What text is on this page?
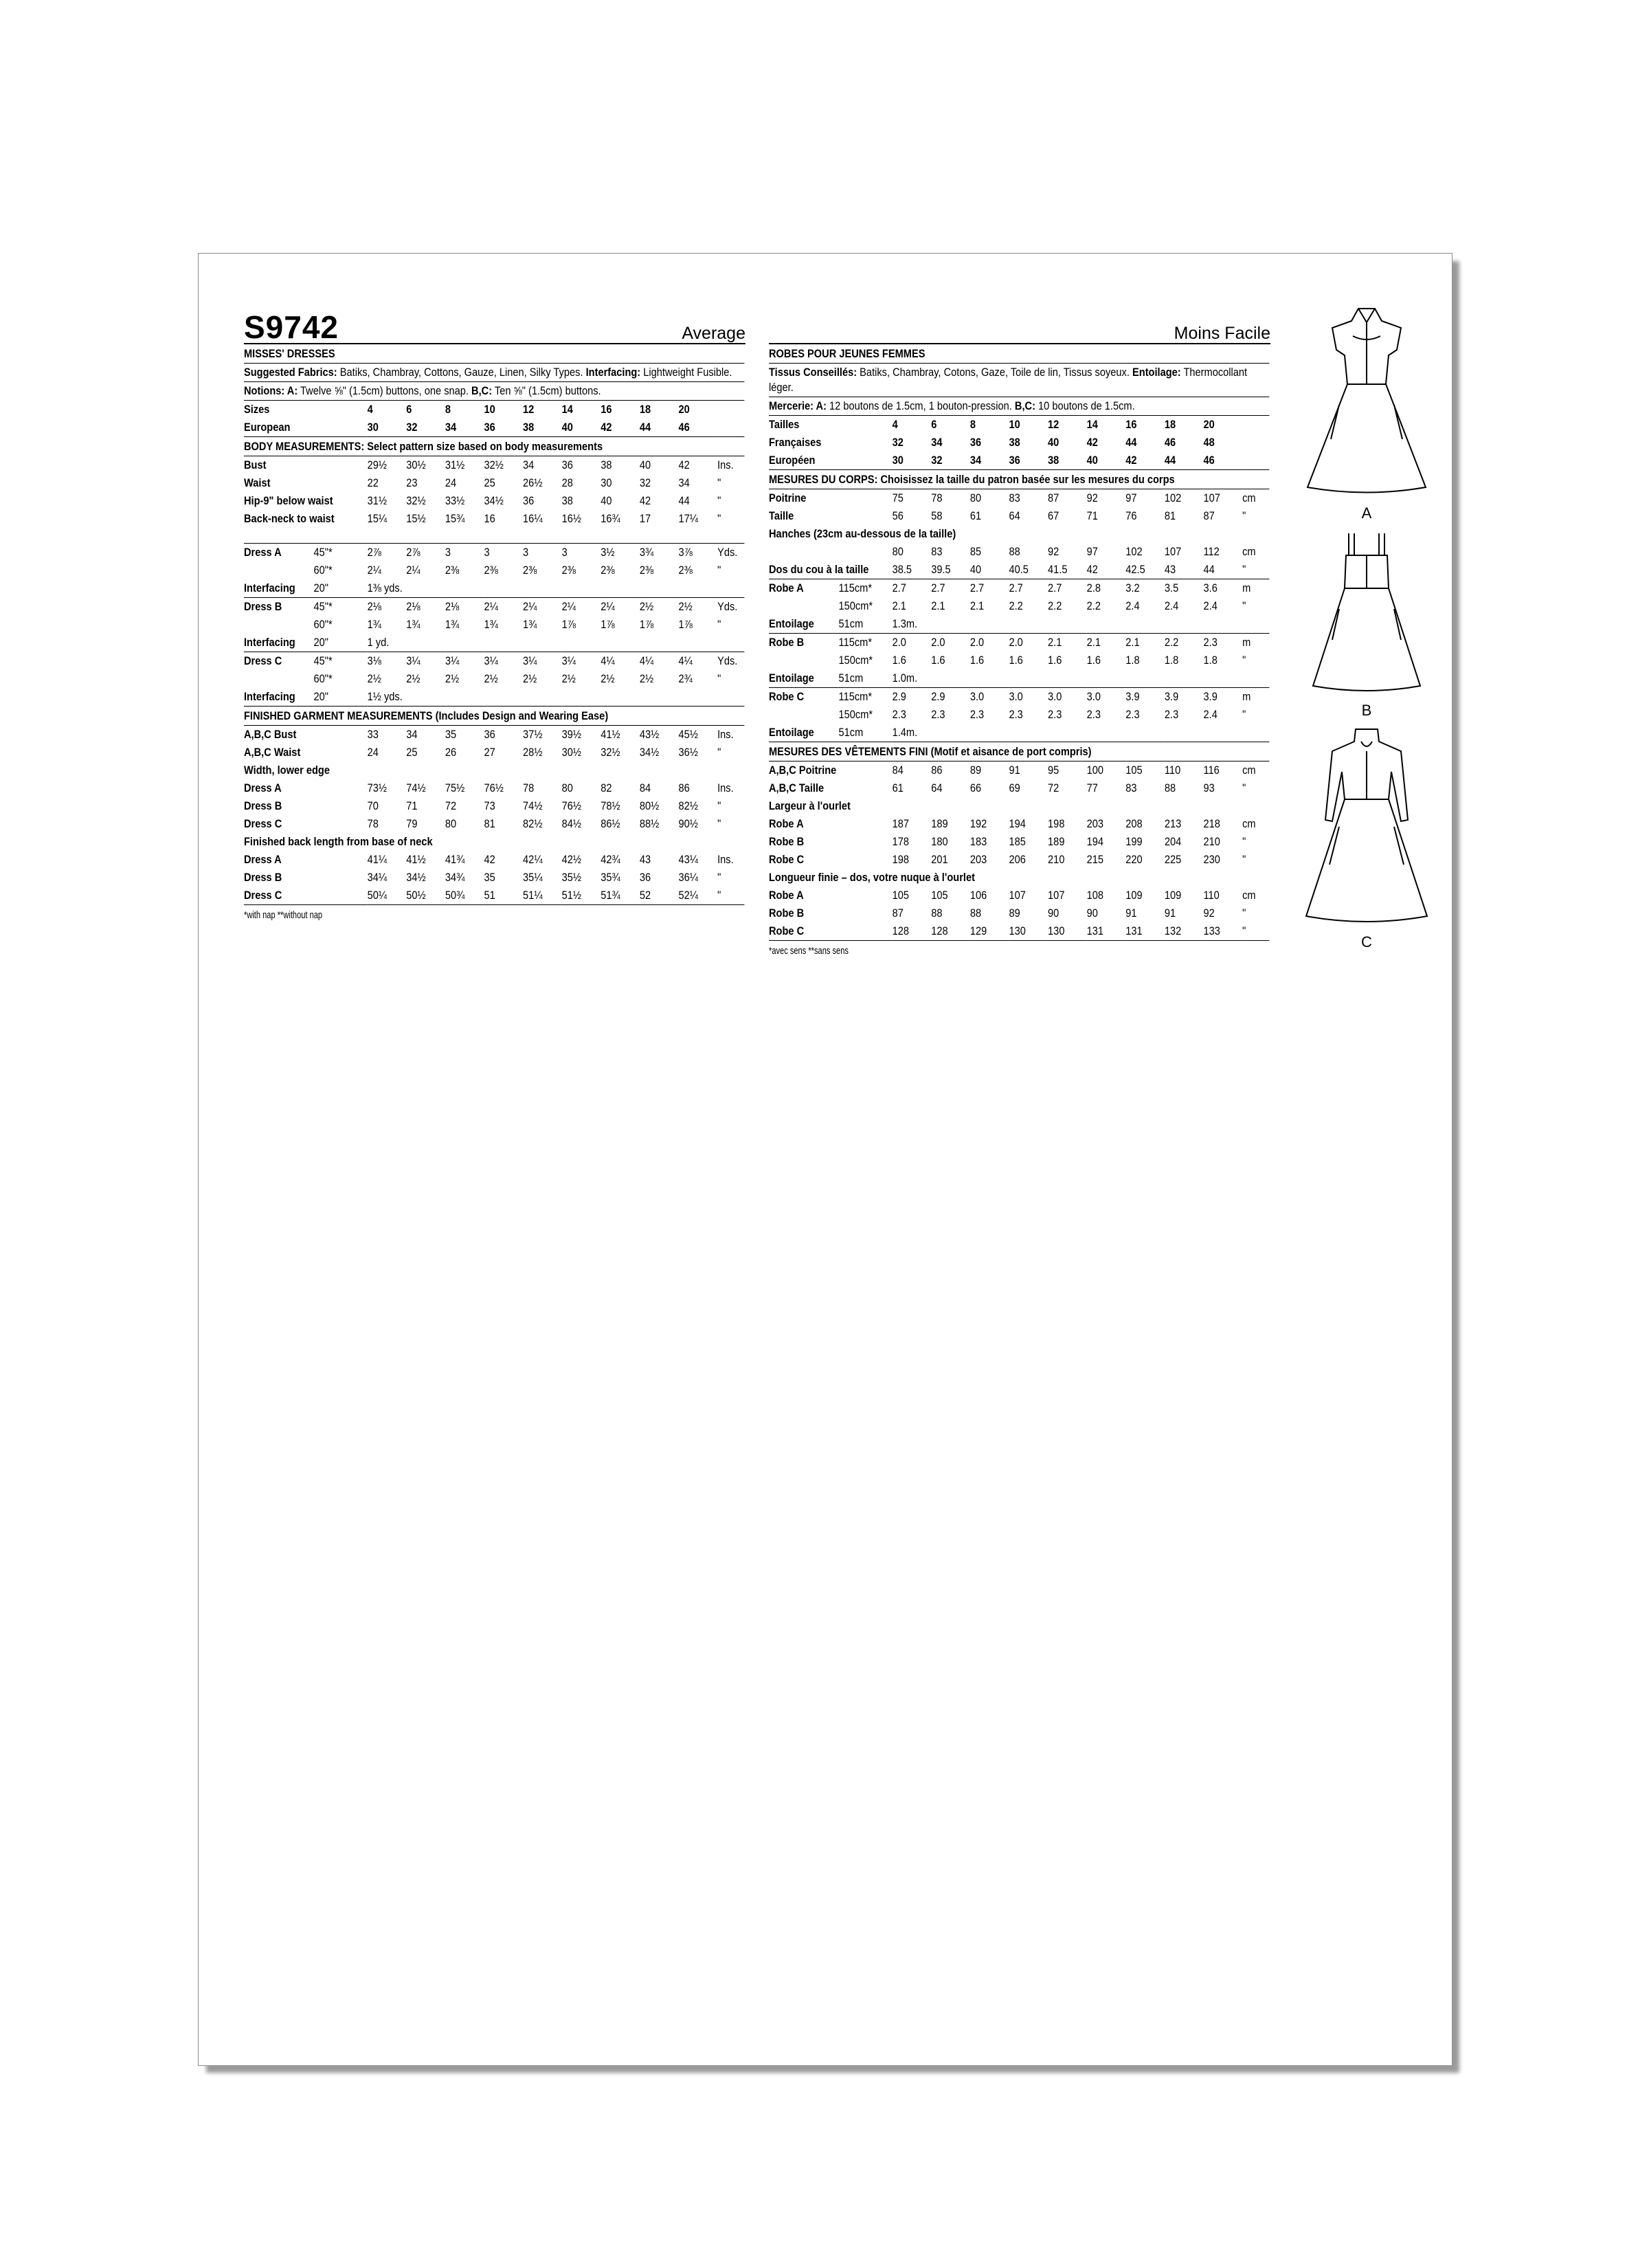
S9742	Average
MISSES' DRESSES
Suggested Fabrics: Batiks, Chambray, Cottons, Gauze, Linen, Silky Types. Interfacing: Lightweight Fusible.
Notions: A: Twelve ⅝" (1.5cm) buttons, one snap. B,C: Ten ⅝" (1.5cm) buttons.
Sizes		4	6	8	10	12	14	16	18	20	
European		30	32	34	36	38	40	42	44	46	
BODY MEASUREMENTS: Select pattern size based on body measurements
Bust		29½	30½	31½	32½	34	36	38	40	42	Ins.
Waist		22	23	24	25	26½	28	30	32	34	"
Hip-9" below waist		31½	32½	33½	34½	36	38	40	42	44	"
Back-neck to waist		15¼	15½	15¾	16	16¼	16½	16¾	17	17¼	"
Dress A	45"*	2⅞	2⅞	3	3	3	3	3½	3¾	3⅞	Yds.
	60"*	2¼	2¼	2⅜	2⅜	2⅜	2⅜	2⅜	2⅜	2⅜	"
Interfacing	20"	1⅜ yds.									
Dress B	45"*	2⅛	2⅛	2⅛	2¼	2¼	2¼	2¼	2½	2½	Yds.
	60"*	1¾	1¾	1¾	1¾	1¾	1⅞	1⅞	1⅞	1⅞	"
Interfacing	20"	1 yd.									
Dress C	45"*	3⅛	3¼	3¼	3¼	3¼	3¼	4¼	4¼	4¼	Yds.
	60"*	2½	2½	2½	2½	2½	2½	2½	2½	2¾	"
Interfacing	20"	1½ yds.									
FINISHED GARMENT MEASUREMENTS (Includes Design and Wearing Ease)
A,B,C Bust		33	34	35	36	37½	39½	41½	43½	45½	Ins.
A,B,C Waist		24	25	26	27	28½	30½	32½	34½	36½	"
Width, lower edge
Dress A		73½	74½	75½	76½	78	80	82	84	86	Ins.
Dress B		70	71	72	73	74½	76½	78½	80½	82½	"
Dress C		78	79	80	81	82½	84½	86½	88½	90½	"
Finished back length from base of neck
Dress A		41¼	41½	41¾	42	42¼	42½	42¾	43	43¼	Ins.
Dress B		34¼	34½	34¾	35	35¼	35½	35¾	36	36¼	"
Dress C		50¼	50½	50¾	51	51¼	51½	51¾	52	52¼	"
*with nap **without nap
Moins Facile
ROBES POUR JEUNES FEMMES
Tissus Conseillés: Batiks, Chambray, Cotons, Gaze, Toile de lin, Tissus soyeux. Entoilage: Thermocollant léger.
Mercerie: A: 12 boutons de 1.5cm, 1 bouton-pression. B,C: 10 boutons de 1.5cm.
Tailles		4	6	8	10	12	14	16	18	20	
Françaises		32	34	36	38	40	42	44	46	48	
Européen		30	32	34	36	38	40	42	44	46	
MESURES DU CORPS: Choisissez la taille du patron basée sur les mesures du corps
Poitrine		75	78	80	83	87	92	97	102	107	cm
Taille		56	58	61	64	67	71	76	81	87	"
Hanches (23cm au-dessous de la taille)
		80	83	85	88	92	97	102	107	112	cm
Dos du cou à la taille		38.5	39.5	40	40.5	41.5	42	42.5	43	44	"
Robe A	115cm*	2.7	2.7	2.7	2.7	2.7	2.8	3.2	3.5	3.6	m
	150cm*	2.1	2.1	2.1	2.2	2.2	2.2	2.4	2.4	2.4	"
Entoilage	51cm	1.3m.									
Robe B	115cm*	2.0	2.0	2.0	2.0	2.1	2.1	2.1	2.2	2.3	m
	150cm*	1.6	1.6	1.6	1.6	1.6	1.6	1.8	1.8	1.8	"
Entoilage	51cm	1.0m.									
Robe C	115cm*	2.9	2.9	3.0	3.0	3.0	3.0	3.9	3.9	3.9	m
	150cm*	2.3	2.3	2.3	2.3	2.3	2.3	2.3	2.3	2.4	"
Entoilage	51cm	1.4m.									
MESURES DES VÊTEMENTS FINI (Motif et aisance de port compris)
A,B,C Poitrine		84	86	89	91	95	100	105	110	116	cm
A,B,C Taille		61	64	66	69	72	77	83	88	93	"
Largeur à l'ourlet
Robe A		187	189	192	194	198	203	208	213	218	cm
Robe B		178	180	183	185	189	194	199	204	210	"
Robe C		198	201	203	206	210	215	220	225	230	"
Longueur finie – dos, votre nuque à l'ourlet
Robe A		105	105	106	107	107	108	109	109	110	cm
Robe B		87	88	88	89	90	90	91	91	92	"
Robe C		128	128	129	130	130	131	131	132	133	"
*avec sens **sans sens
A
B
C
